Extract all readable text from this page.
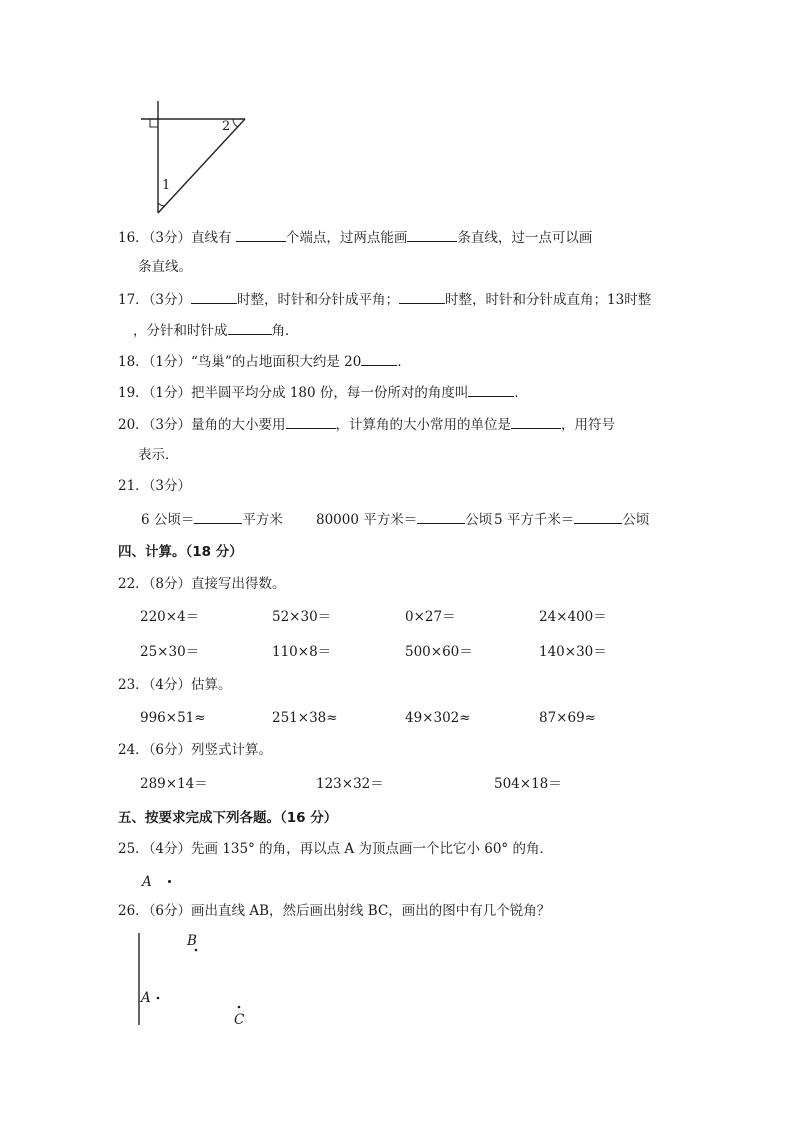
2
1
16．（3分）直线有	个端点，过两点能画	条直线，过一点可以画
条直线。
17．（3分）	时整，时针和分针成平角；	时整，时针和分针成直角；13时整
，分针和时针成	角．
18．（1分）“鸟巢”的占地面积大约是 20	．
19．（1分）把半圆平均分成 180 份，每一份所对的角度叫	．
20．（3分）量角的大小要用	，计算角的大小常用的单位是	，用符号
表示．
21．（3分）
6 公顷＝	平方米 80000 平方米＝	公顷 5 平方千米＝	公顷
四、计算。（18 分）
22．（8分）直接写出得数。
220×4＝	52×30＝	0×27＝	24×400＝
25×30＝	110×8＝	500×60＝	140×30＝
23．（4分）估算。
996×51≈	251×38≈	49×302≈	87×69≈
24．（6分）列竖式计算。
289×14＝	123×32＝	504×18＝
五、按要求完成下列各题。（16 分）
25．（4分）先画 135° 的角，再以点 A 为顶点画一个比它小 60° 的角．
A
26．（6分）画出直线 AB，然后画出射线 BC，画出的图中有几个锐角？
B
A
C
